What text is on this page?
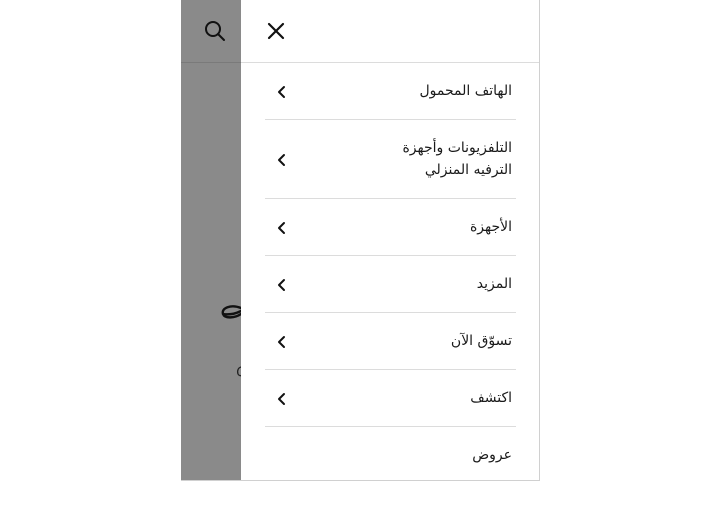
الهاتف المحمول
التلفزيونات وأجهزة الترفيه المنزلي
الأجهزة
المزيد
تسوّق الآن
اكتشف
عروض
